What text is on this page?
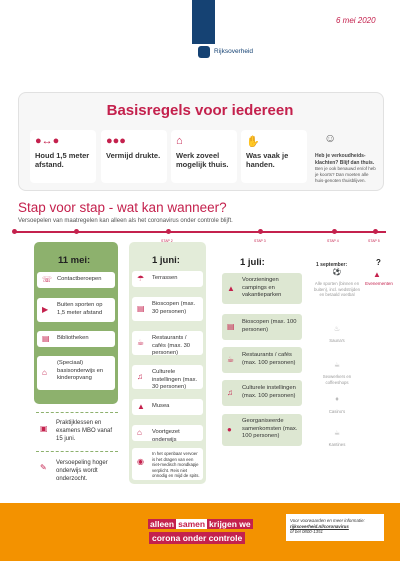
6 mei 2020
Rijksoverheid
Basisregels voor iedereen
●↔●
Houd 1,5 meter afstand.
●●●
Vermijd drukte.
⌂
Werk zoveel mogelijk thuis.
✋
Was vaak je handen.
☺
Heb je verkoudheids-klachten? Blijf dan thuis.
Ben je ook benauwd en/of heb je koorts? Dan moeten alle huis-genoten thuisblijven.
Stap voor stap - wat kan wanneer?
Versoepelen van maatregelen kan alleen als het coronavirus onder controle blijft.
STAP 1	STAP 2	STAP 3	STAP 4	STAP 5
11 mei:
☏ Contactberoepen
▶ Buiten sporten op 1,5 meter afstand
▤ Bibliotheken
⌂
(Speciaal) basisonderwijs en kinderopvang
▣
Praktijklessen en examens MBO vanaf 15 juni.
✎ Versoepeling hoger onderwijs wordt onderzocht.
1 juni:
☂ Terrassen
▤ Bioscopen (max. 30 personen)
☕ Restaurants / cafés (max. 30 personen)
♫ Culturele instellingen (max. 30 personen)
▲ Musea
⌂ Voortgezet onderwijs
◉
In het openbaar vervoer is het dragen van een niet-medisch mondkapje verplicht. Reis niet onnodig en mijd de spits.
1 juli:
▲
Voorzieningen campings en vakantieparken
▤ Bioscopen (max. 100 personen)
☕ Restaurants / cafés (max. 100 personen)
♫ Culturele instellingen (max. 100 personen)
●
Georganiseerde samenkomsten (max. 100 personen)
1 september:
⚽
Alle sporten (binnen en buiten), incl. wedstrijden en betaald voetbal
♨
Sauna's
☕
Sexwerkers en coffeeshops
♦
Casino's
☕
Kantines
?
▲
Evenementen
alleen samen krijgen we
corona onder controle
Voor voorwaarden en meer informatie:
rijksoverheid.nl/coronavirus
of bel 0800-1351
